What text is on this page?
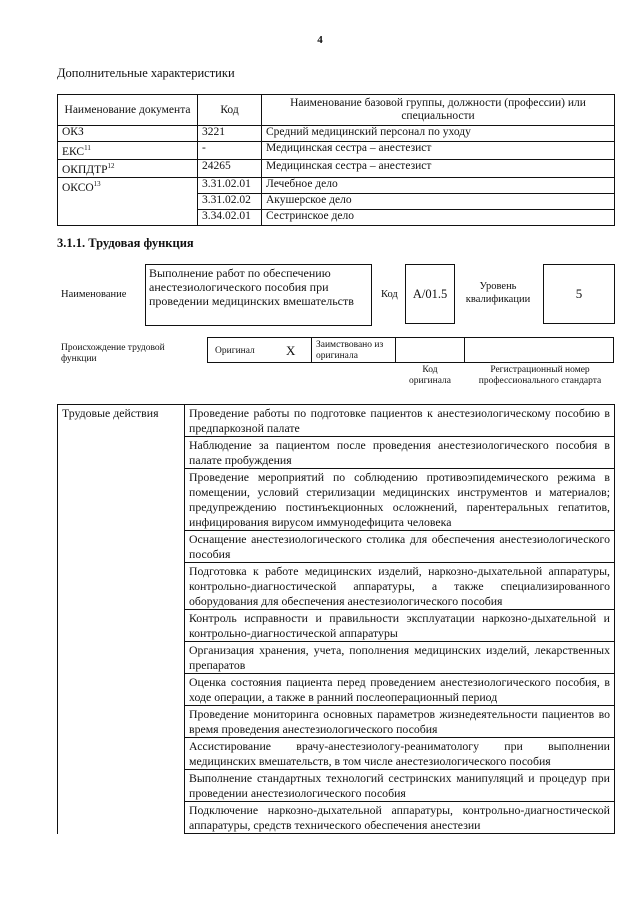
4
Дополнительные характеристики
Наименование документа	Код	Наименование базовой группы, должности (профессии) или специальности
ОКЗ	3221	Средний медицинский персонал по уходу
ЕКС$^{11}$	-	Медицинская сестра – анестезист
ОКПДТР$^{12}$	24265	Медицинская сестра – анестезист
ОКСО$^{13}$	3.31.02.01	Лечебное дело
	3.31.02.02	Акушерское дело
	3.34.02.01	Сестринское дело
3.1.1. Трудовая функция
Наименование
Выполнение работ по обеспечению анестезиологического пособия при проведении медицинских вмешательств	Код A/01.5	Уровень квалификации	5
Происхождение трудовой функции
Оригинал X Заимствовано из оригинала
Код оригинала
Регистрационный номер профессионального стандарта
Трудовые действия	Проведение работы по подготовке пациентов к анестезиологическому пособию в предпаркозной палате
Наблюдение за пациентом после проведения анестезиологического пособия в палате пробуждения
Проведение мероприятий по соблюдению противоэпидемического режима в помещении, условий стерилизации медицинских инструментов и материалов; предупреждению постинъекционных осложнений, парентеральных гепатитов, инфицирования вирусом иммунодефицита человека
Оснащение анестезиологического столика для обеспечения анестезиологического пособия
Подготовка к работе медицинских изделий, наркозно-дыхательной аппаратуры, контрольно-диагностической аппаратуры, а также специализированного оборудования для обеспечения анестезиологического пособия
Контроль исправности и правильности эксплуатации наркозно-дыхательной и контрольно-диагностической аппаратуры
Организация хранения, учета, пополнения медицинских изделий, лекарственных препаратов
Оценка состояния пациента перед проведением анестезиологического пособия, в ходе операции, а также в ранний послеоперационный период
Проведение мониторинга основных параметров жизнедеятельности пациентов во время проведения анестезиологического пособия
Ассистирование врачу-анестезиологу-реаниматологу при выполнении медицинских вмешательств, в том числе анестезиологического пособия
Выполнение стандартных технологий сестринских манипуляций и процедур при проведении анестезиологического пособия
Подключение наркозно-дыхательной аппаратуры, контрольно-диагностической аппаратуры, средств технического обеспечения анестезии
